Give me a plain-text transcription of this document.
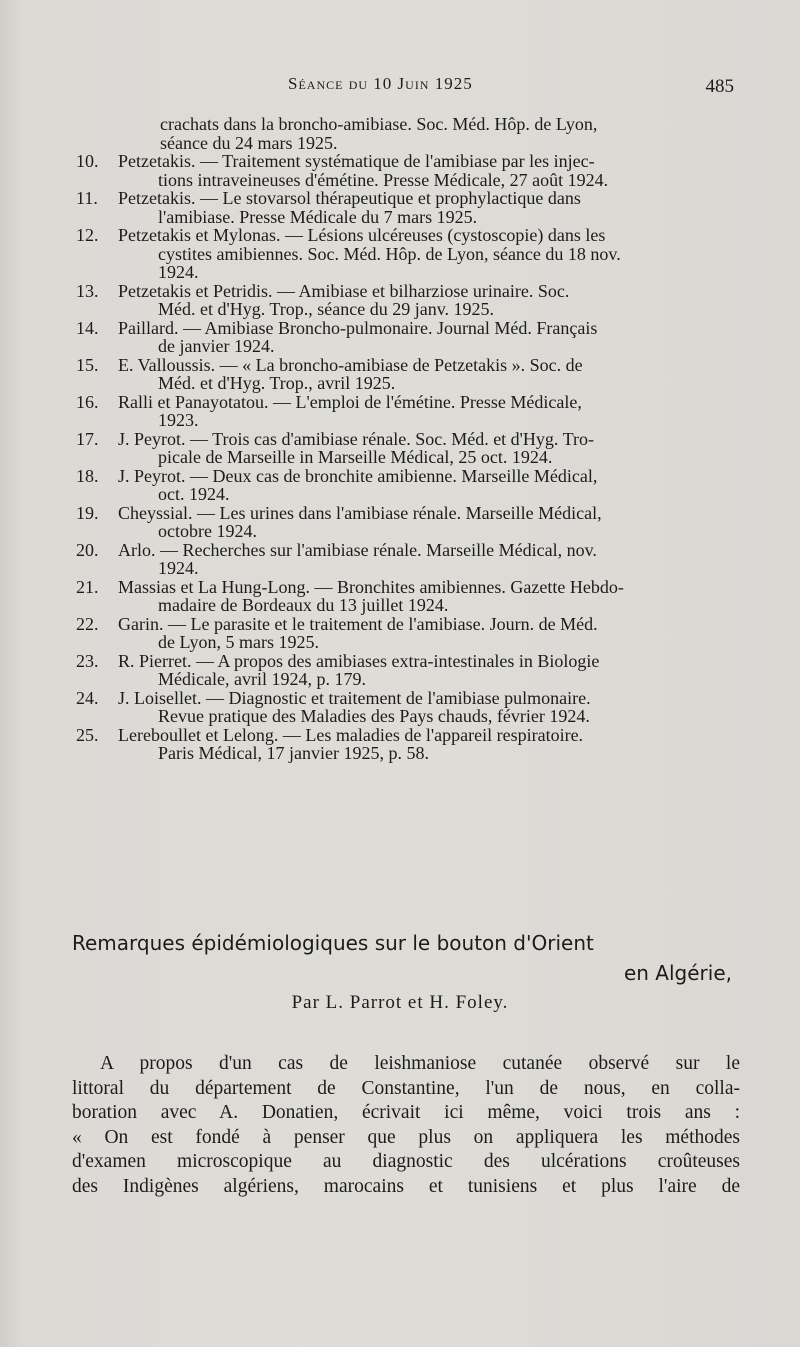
Séance du 10 Juin 1925	485
crachats dans la broncho-amibiase. Soc. Méd. Hôp. de Lyon,
séance du 24 mars 1925.
10.	Petzetakis. — Traitement systématique de l'amibiase par les injec-
tions intraveineuses d'émétine. Presse Médicale, 27 août 1924.
11.	Petzetakis. — Le stovarsol thérapeutique et prophylactique dans
l'amibiase. Presse Médicale du 7 mars 1925.
12.	Petzetakis et Mylonas. — Lésions ulcéreuses (cystoscopie) dans les
cystites amibiennes. Soc. Méd. Hôp. de Lyon, séance du 18 nov.
1924.
13.	Petzetakis et Petridis. — Amibiase et bilharziose urinaire. Soc.
Méd. et d'Hyg. Trop., séance du 29 janv. 1925.
14.	Paillard. — Amibiase Broncho-pulmonaire. Journal Méd. Français
de janvier 1924.
15.	E. Valloussis. — « La broncho-amibiase de Petzetakis ». Soc. de
Méd. et d'Hyg. Trop., avril 1925.
16.	Ralli et Panayotatou. — L'emploi de l'émétine. Presse Médicale,
1923.
17.	J. Peyrot. — Trois cas d'amibiase rénale. Soc. Méd. et d'Hyg. Tro-
picale de Marseille in Marseille Médical, 25 oct. 1924.
18.	J. Peyrot. — Deux cas de bronchite amibienne. Marseille Médical,
oct. 1924.
19.	Cheyssial. — Les urines dans l'amibiase rénale. Marseille Médical,
octobre 1924.
20.	Arlo. — Recherches sur l'amibiase rénale. Marseille Médical, nov.
1924.
21.	Massias et La Hung-Long. — Bronchites amibiennes. Gazette Hebdo-
madaire de Bordeaux du 13 juillet 1924.
22.	Garin. — Le parasite et le traitement de l'amibiase. Journ. de Méd.
de Lyon, 5 mars 1925.
23.	R. Pierret. — A propos des amibiases extra-intestinales in Biologie
Médicale, avril 1924, p. 179.
24.	J. Loisellet. — Diagnostic et traitement de l'amibiase pulmonaire.
Revue pratique des Maladies des Pays chauds, février 1924.
25.	Lereboullet et Lelong. — Les maladies de l'appareil respiratoire.
Paris Médical, 17 janvier 1925, p. 58.
Remarques épidémiologiques sur le bouton d'Orient
en Algérie,
Par L. Parrot et H. Foley.
A propos d'un cas de leishmaniose cutanée observé sur le
littoral du département de Constantine, l'un de nous, en colla-
boration avec A. Donatien, écrivait ici même, voici trois ans :
« On est fondé à penser que plus on appliquera les méthodes
d'examen microscopique au diagnostic des ulcérations croûteuses
des Indigènes algériens, marocains et tunisiens et plus l'aire de
